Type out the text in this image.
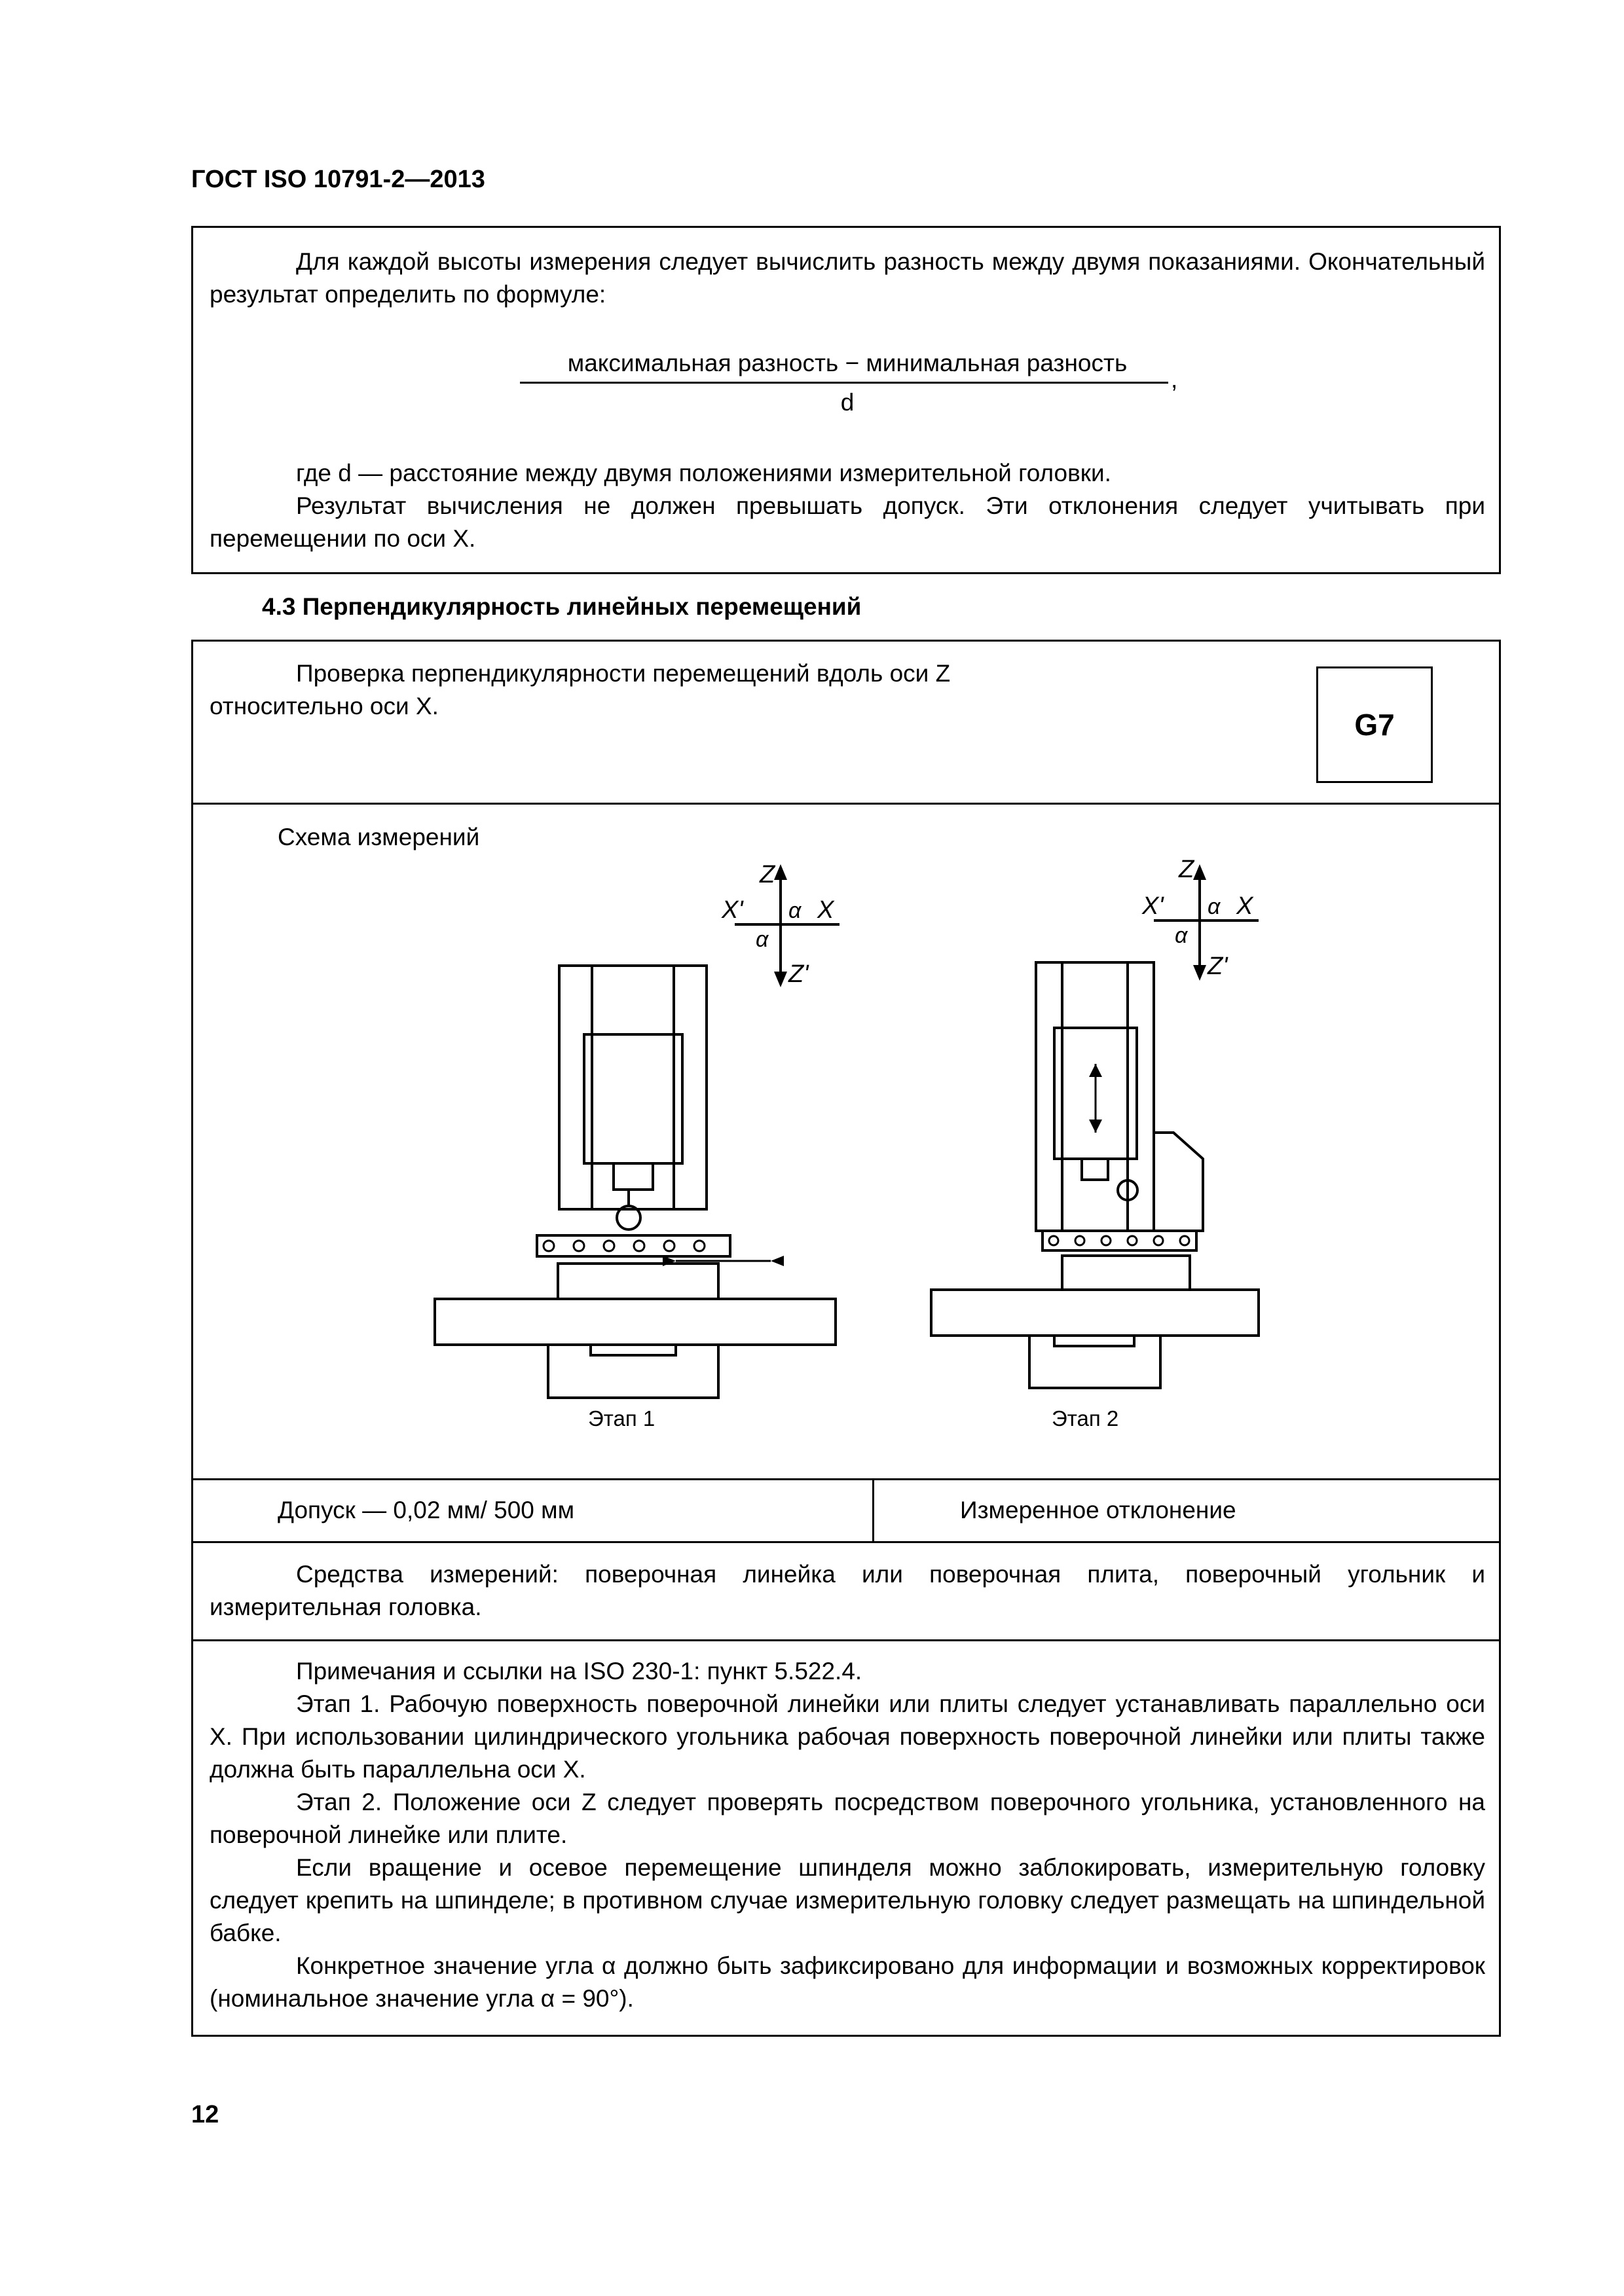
ГОСТ ISO 10791-2—2013
Для каждой высоты измерения следует вычислить разность между двумя показаниями. Окончательный результат определить по формуле:
максимальная разность − минимальная разность
d
,
где d — расстояние между двумя положениями измерительной головки.
Результат вычисления не должен превышать допуск. Эти отклонения следует учитывать при перемещении по оси X.
4.3 Перпендикулярность линейных перемещений
Проверка перпендикулярности перемещений вдоль оси Z относительно оси X.
G7
Схема измерений
Z
X' α X
α
Z'
Z
X' α X
α
Z'
Этап 1	Этап 2
Допуск — 0,02 мм/ 500 мм	Измеренное отклонение
Средства измерений: поверочная линейка или поверочная плита, поверочный угольник и измерительная головка.
Примечания и ссылки на ISO 230-1: пункт 5.522.4.
Этап 1. Рабочую поверхность поверочной линейки или плиты следует устанавливать параллельно оси X. При использовании цилиндрического угольника рабочая поверхность поверочной линейки или плиты также должна быть параллельна оси X.
Этап 2. Положение оси Z следует проверять посредством поверочного угольника, установленного на поверочной линейке или плите.
Если вращение и осевое перемещение шпинделя можно заблокировать, измерительную головку следует крепить на шпинделе; в противном случае измерительную головку следует размещать на шпиндельной бабке.
Конкретное значение угла α должно быть зафиксировано для информации и возможных корректировок (номинальное значение угла α = 90°).
12
